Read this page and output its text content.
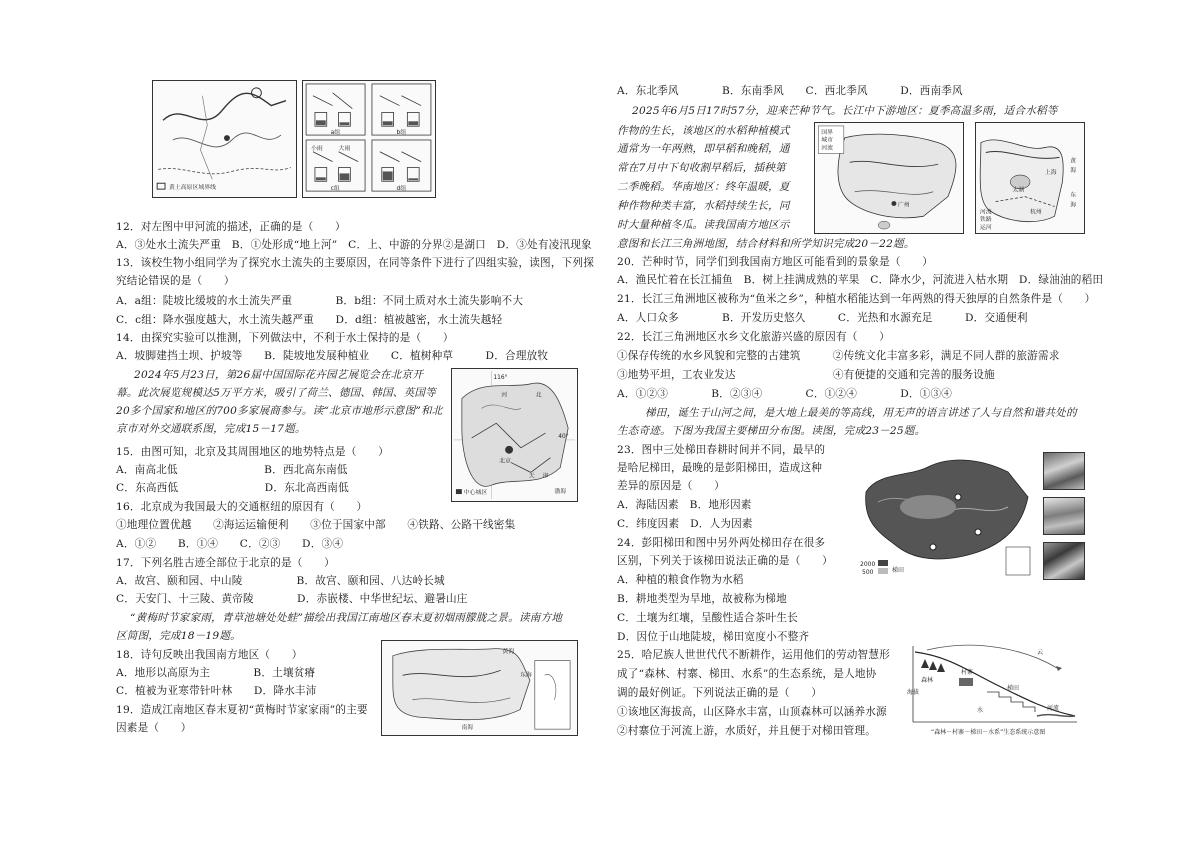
黄土高原区域界线
a组	b组
c组	d组
小雨	大雨
12．对左图中甲河流的描述，正确的是（　　）
A．③处水土流失严重　B．①处形成“地上河”　C．上、中游的分界②是湖口　D．③处有凌汛现象
13．该校生物小组同学为了探究水土流失的主要原因，在同等条件下进行了四组实验，读图，下列探
究结论错误的是（　　）
A．a组：陡坡比缓坡的水土流失严重　　　　B．b组：不同土质对水土流失影响不大
C．c组：降水强度越大，水土流失越严重　　D．d组：植被越密，水土流失越轻
14．由探究实验可以推测，下列做法中，不利于水土保持的是（　　）
A．坡脚建挡土坝、护坡等　　B．陡坡地发展种植业　　C．植树种草　　　D．合理放牧
2024年5月23日，第26届中国国际花卉园艺展览会在北京开
幕。此次展览规模达5万平方米，吸引了荷兰、德国、韩国、英国等
20多个国家和地区的700多家展商参与。读“北京市地形示意图”和北
京市对外交通联系图，完成15－17题。
116°
40°
河	北
北京
天 津
渤海
中心城区
15．由图可知，北京及其周围地区的地势特点是（　　）
A．南高北低　　　　　　　　B．西北高东南低
C．东高西低　　　　　　　　D．东北高西南低
16．北京成为我国最大的交通枢纽的原因有（　　）
①地理位置优越　　②海运运输便利　　③位于国家中部　　④铁路、公路干线密集
A．①②　　B．①④　　C．②③　　D．③④
17．下列名胜古迹全部位于北京的是（　　）
A．故宫、颐和园、中山陵　　　　　B．故宫、颐和园、八达岭长城
C．天安门、十三陵、黄帝陵　　　　D．赤嵌楼、中华世纪坛、避暑山庄
“黄梅时节家家雨，青草池塘处处蛙”描绘出我国江南地区春末夏初烟雨朦胧之景。读南方地
区简图，完成18－19题。
18．诗句反映出我国南方地区（　　）
A．地形以高原为主　　　　B．土壤贫瘠
C．植被为亚寒带针叶林　　D．降水丰沛
19．造成江南地区春末夏初“黄梅时节家家雨”的主要
因素是（　　）
黄海
东海
南海
A．东北季风　　　　B．东南季风　　C．西北季风　　　D．西南季风
2025年6月5日17时57分，迎来芒种节气。长江中下游地区：夏季高温多雨，适合水稻等
作物的生长，该地区的水稻种植模式
通常为一年两熟，即早稻和晚稻，通
常在7月中下旬收割早稻后，插秧第
二季晚稻。华南地区：终年温暖，夏
种作物种类丰富，水稻持续生长，同
时大量种植冬瓜。读我国南方地区示
意图和长江三角洲地图，结合材料和所学知识完成20－22题。
广州
国界
城市
河流
黄
海
东
海
上海
杭州
太湖
河流
铁路
运河
20．芒种时节，同学们到我国南方地区可能看到的景象是（　　）
A．渔民忙着在长江捕鱼　B．树上挂满成熟的苹果　C．降水少，河流进入枯水期　D．绿油油的稻田
21．长江三角洲地区被称为“鱼米之乡”，种植水稻能达到一年两熟的得天独厚的自然条件是（　　）
A．人口众多　　　　B．开发历史悠久　　　C．光热和水源充足　　　D．交通便利
22．长江三角洲地区水乡文化旅游兴盛的原因有（　　）
①保存传统的水乡风貌和完整的古建筑　　　②传统文化丰富多彩，满足不同人群的旅游需求
③地势平坦，工农业发达　　　　　　　　　④有便捷的交通和完善的服务设施
A．①②③　　　　B．②③④　　　　C．①②④　　　　D．①③④
梯田，诞生于山河之间，是大地上最美的等高线，用无声的语言讲述了人与自然和谐共处的
生态奇迹。下图为我国主要梯田分布图。读图，完成23－25题。
23．图中三处梯田春耕时间并不同，最早的
是哈尼梯田，最晚的是彭阳梯田，造成这种
差异的原因是（　　）
A．海陆因素　B．地形因素
C．纬度因素　D．人为因素
24．彭阳梯田和图中另外两处梯田存在很多
区别，下列关于该梯田说法正确的是（　　）
A．种植的粮食作物为水稻
B．耕地类型为旱地，故被称为梯地
C．土壤为红壤，呈酸性适合茶叶生长
D．因位于山地陡坡，梯田宽度小不整齐
25．哈尼族人世世代代不断耕作，运用他们的劳动智慧形
成了“森林、村寨、梯田、水系”的生态系统，是人地协
调的最好例证。下列说法正确的是（　　）
①该地区海拔高，山区降水丰富，山顶森林可以涵养水源
②村寨位于河流上游，水质好，并且便于对梯田管理。
2000
500	梯田
森林
村寨
梯田
河流
水
云
海拔
“森林－村寨－梯田－水系”生态系统示意图
